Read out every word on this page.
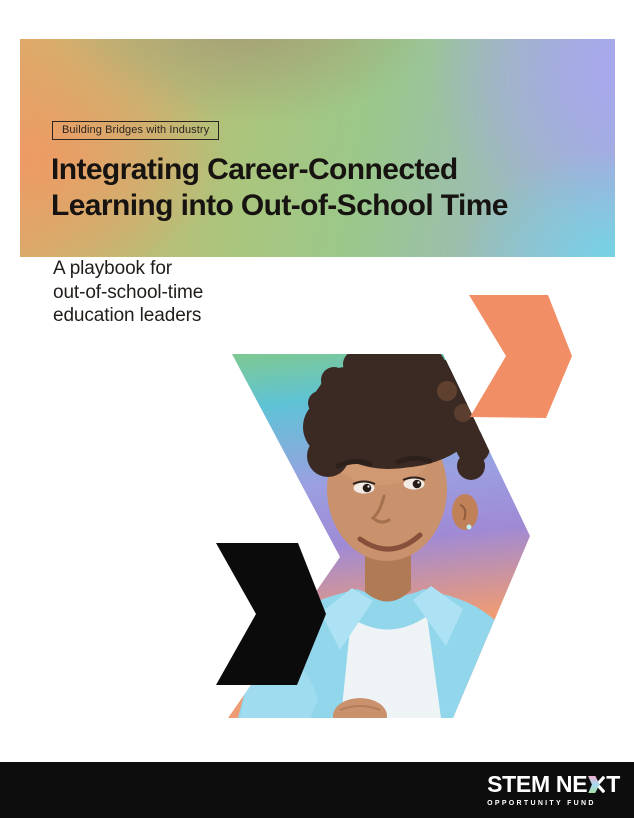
Building Bridges with Industry
Integrating Career-Connected
Learning into Out-of-School Time

A playbook for
out-of-school-time
education leaders

STEM NE T
OPPORTUNITY FUND
